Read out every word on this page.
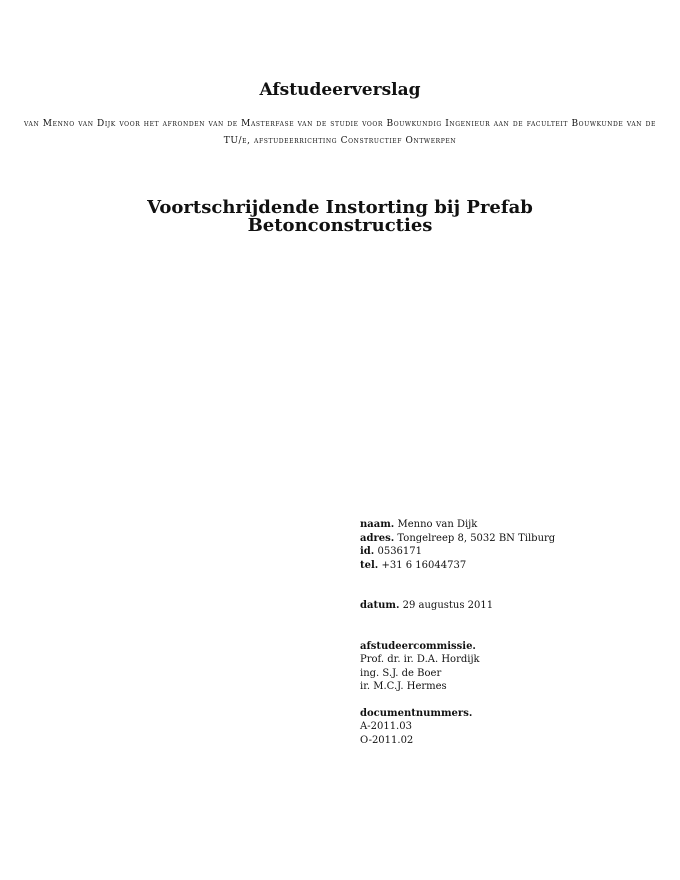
Afstudeerverslag

van Menno van Dijk voor het afronden van de Masterfase van de studie voor Bouwkundig Ingenieur aan de faculteit Bouwkunde van de TU/e, afstudeerrichting Constructief Ontwerpen

Voortschrijdende Instorting bij Prefab Betonconstructies
naam. Menno van Dijk
adres. Tongelreep 8, 5032 BN Tilburg
id. 0536171
tel. +31 6 16044737
datum. 29 augustus 2011
afstudeercommissie.
Prof. dr. ir. D.A. Hordijk
ing. S.J. de Boer
ir. M.C.J. Hermes
documentnummers.
A-2011.03
O-2011.02
